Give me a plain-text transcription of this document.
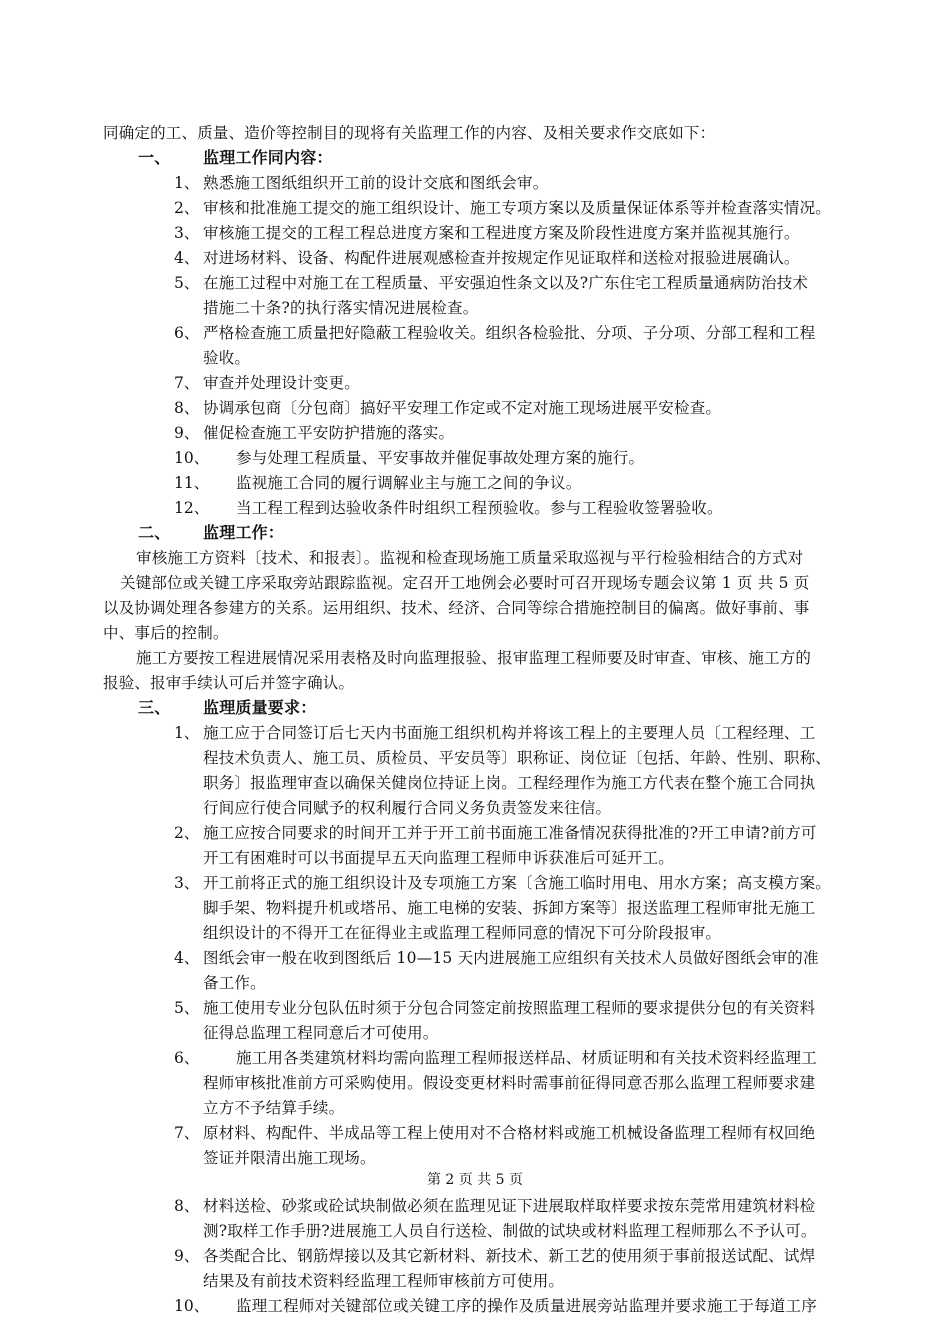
同确定的工、质量、造价等控制目的现将有关监理工作的内容、及相关要求作交底如下：
一、 监理工作同内容：
1、 熟悉施工图纸组织开工前的设计交底和图纸会审。
2、 审核和批准施工提交的施工组织设计、施工专项方案以及质量保证体系等并检查落实情况。
3、 审核施工提交的工程工程总进度方案和工程进度方案及阶段性进度方案并监视其施行。
4、 对进场材料、设备、构配件进展观感检查并按规定作见证取样和送检对报验进展确认。
5、 在施工过程中对施工在工程质量、平安强迫性条文以及?广东住宅工程质量通病防治技术
措施二十条?的执行落实情况进展检查。
6、 严格检查施工质量把好隐蔽工程验收关。组织各检验批、分项、子分项、分部工程和工程
验收。
7、 审查并处理设计变更。
8、 协调承包商〔分包商〕搞好平安理工作定或不定对施工现场进展平安检查。
9、 催促检查施工平安防护措施的落实。
10、 参与处理工程质量、平安事故并催促事故处理方案的施行。
11、 监视施工合同的履行调解业主与施工之间的争议。
12、 当工程工程到达验收条件时组织工程预验收。参与工程验收签署验收。
二、 监理工作：
审核施工方资料〔技术、和报表〕。监视和检查现场施工质量采取巡视与平行检验相结合的方式对
关键部位或关键工序采取旁站跟踪监视。定召开工地例会必要时可召开现场专题会议第 1 页 共 5 页
以及协调处理各参建方的关系。运用组织、技术、经济、合同等综合措施控制目的偏离。做好事前、事
中、事后的控制。
施工方要按工程进展情况采用表格及时向监理报验、报审监理工程师要及时审查、审核、施工方的
报验、报审手续认可后并签字确认。
三、 监理质量要求：
1、 施工应于合同签订后七天内书面施工组织机构并将该工程上的主要理人员〔工程经理、工
程技术负责人、施工员、质检员、平安员等〕职称证、岗位证〔包括、年龄、性别、职称、
职务〕报监理审查以确保关健岗位持证上岗。工程经理作为施工方代表在整个施工合同执
行间应行使合同赋予的权利履行合同义务负责签发来往信。
2、 施工应按合同要求的时间开工并于开工前书面施工准备情况获得批准的?开工申请?前方可
开工有困难时可以书面提早五天向监理工程师申诉获准后可延开工。
3、 开工前将正式的施工组织设计及专项施工方案〔含施工临时用电、用水方案；高支模方案。
脚手架、物料提升机或塔吊、施工电梯的安装、拆卸方案等〕报送监理工程师审批无施工
组织设计的不得开工在征得业主或监理工程师同意的情况下可分阶段报审。
4、 图纸会审一般在收到图纸后 10—15 天内进展施工应组织有关技术人员做好图纸会审的准
备工作。
5、 施工使用专业分包队伍时须于分包合同签定前按照监理工程师的要求提供分包的有关资料
征得总监理工程同意后才可使用。
6、 施工用各类建筑材料均需向监理工程师报送样品、材质证明和有关技术资料经监理工
程师审核批准前方可采购使用。假设变更材料时需事前征得同意否那么监理工程师要求建
立方不予结算手续。
7、 原材料、构配件、半成品等工程上使用对不合格材料或施工机械设备监理工程师有权回绝
签证并限清出施工现场。
第 2 页 共 5 页
8、 材料送检、砂浆或砼试块制做必须在监理见证下进展取样取样要求按东莞常用建筑材料检
测?取样工作手册?进展施工人员自行送检、制做的试块或材料监理工程师那么不予认可。
9、 各类配合比、钢筋焊接以及其它新材料、新技术、新工艺的使用须于事前报送试配、试焊
结果及有前技术资料经监理工程师审核前方可使用。
10、 监理工程师对关键部位或关键工序的操作及质量进展旁站监理并要求施工于每道工序
